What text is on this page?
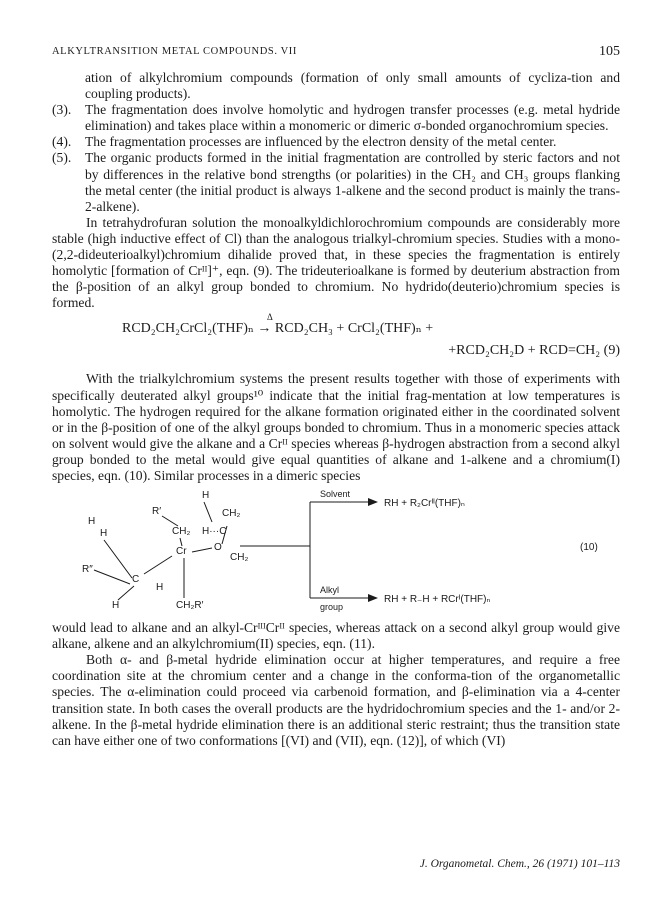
ALKYLTRANSITION METAL COMPOUNDS. VII	105

ation of alkylchromium compounds (formation of only small amounts of cycliza-tion and coupling products).

(3). The fragmentation does involve homolytic and hydrogen transfer processes (e.g. metal hydride elimination) and takes place within a monomeric or dimeric σ-bonded organochromium species.
(4). The fragmentation processes are influenced by the electron density of the metal center.
(5). The organic products formed in the initial fragmentation are controlled by steric factors and not by differences in the relative bond strengths (or polarities) in the CH₂ and CH₃ groups flanking the metal center (the initial product is always 1-alkene and the second product is mainly the trans-2-alkene).

In tetrahydrofuran solution the monoalkyldichlorochromium compounds are considerably more stable (high inductive effect of Cl) than the analogous trialkyl-chromium species. Studies with a mono-(2,2-dideuterioalkyl)chromium dihalide proved that, in these species the fragmentation is entirely homolytic [formation of Crᴵᴵ]⁺, eqn. (9). The trideuterioalkane is formed by deuterium abstraction from the β-position of an alkyl group bonded to chromium. No hydrido(deuterio)chromium species is formed.

Δ
RCD₂CH₂CrCl₂(THF)ₙ → RCD₂CH₃ + CrCl₂(THF)ₙ +
+RCD₂CH₂D + RCD=CH₂ (9)

With the trialkylchromium systems the present results together with those of experiments with specifically deuterated alkyl groups¹⁰ indicate that the initial frag-mentation at low temperatures is homolytic. The hydrogen required for the alkane formation originated either in the coordinated solvent or in the β-position of one of the alkyl groups bonded to chromium. Thus in a monomeric species attack on solvent would give the alkane and a Crᴵᴵ species whereas β-hydrogen abstraction from a second alkyl group bonded to the metal would give equal quantities of alkane and 1-alkene and a chromium(I) species, eqn. (10). Similar processes in a dimeric species

H
R′	CH₂
CH₂ H···C
H
H
Cr	O
CH₂
R″
C
H
H	CH₂R′
Solvent
Alkyl
group
RH + R₂Crᴵᴵ(THF)ₙ
RH + R₋H + RCrᴵ(THF)ₙ
(10)

would lead to alkane and an alkyl-CrᴵᴵᴵCrᴵᴵ species, whereas attack on a second alkyl group would give alkane, alkene and an alkylchromium(II) species, eqn. (11).

Both α- and β-metal hydride elimination occur at higher temperatures, and require a free coordination site at the chromium center and a change in the conforma-tion of the organometallic species. The α-elimination could proceed via carbenoid formation, and β-elimination via a 4-center transition state. In both cases the overall products are the hydridochromium species and the 1- and/or 2-alkene. In the β-metal hydride elimination there is an additional steric restraint; thus the transition state can have either one of two conformations [(VI) and (VII), eqn. (12)], of which (VI)

J. Organometal. Chem., 26 (1971) 101–113
